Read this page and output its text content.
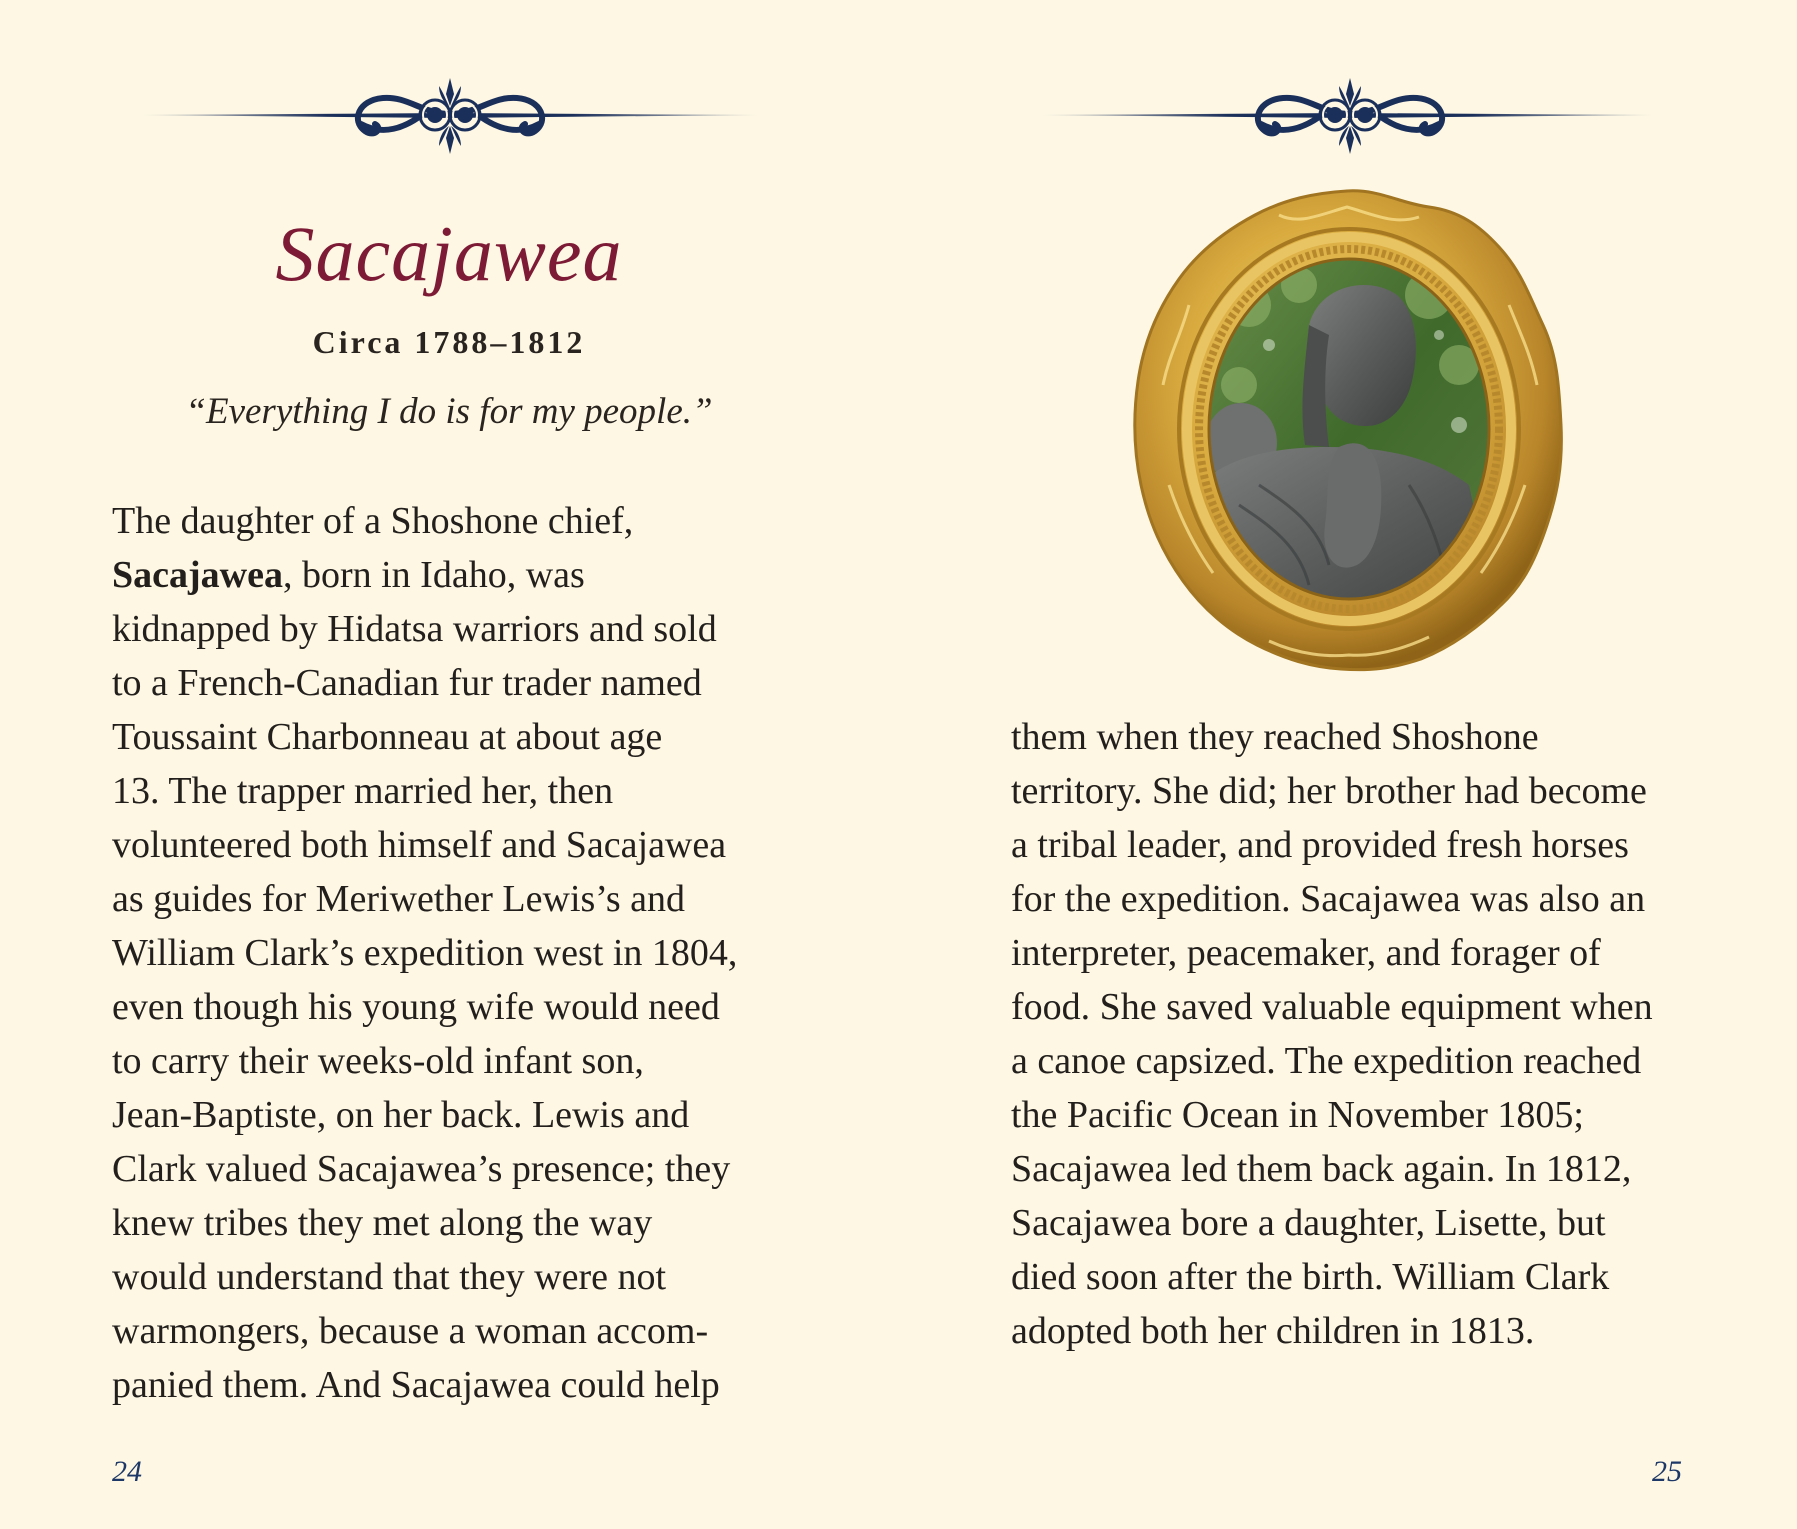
Sacajawea
Circa 1788–1812
“Everything I do is for my people.”
The daughter of a Shoshone chief,
Sacajawea, born in Idaho, was
kidnapped by Hidatsa warriors and sold
to a French-Canadian fur trader named
Toussaint Charbonneau at about age
13. The trapper married her, then
volunteered both himself and Sacajawea
as guides for Meriwether Lewis’s and
William Clark’s expedition west in 1804,
even though his young wife would need
to carry their weeks-old infant son,
Jean-Baptiste, on her back. Lewis and
Clark valued Sacajawea’s presence; they
knew tribes they met along the way
would understand that they were not
warmongers, because a woman accom-
panied them. And Sacajawea could help
24
them when they reached Shoshone
territory. She did; her brother had become
a tribal leader, and provided fresh horses
for the expedition. Sacajawea was also an
interpreter, peacemaker, and forager of
food. She saved valuable equipment when
a canoe capsized. The expedition reached
the Pacific Ocean in November 1805;
Sacajawea led them back again. In 1812,
Sacajawea bore a daughter, Lisette, but
died soon after the birth. William Clark
adopted both her children in 1813.
25
